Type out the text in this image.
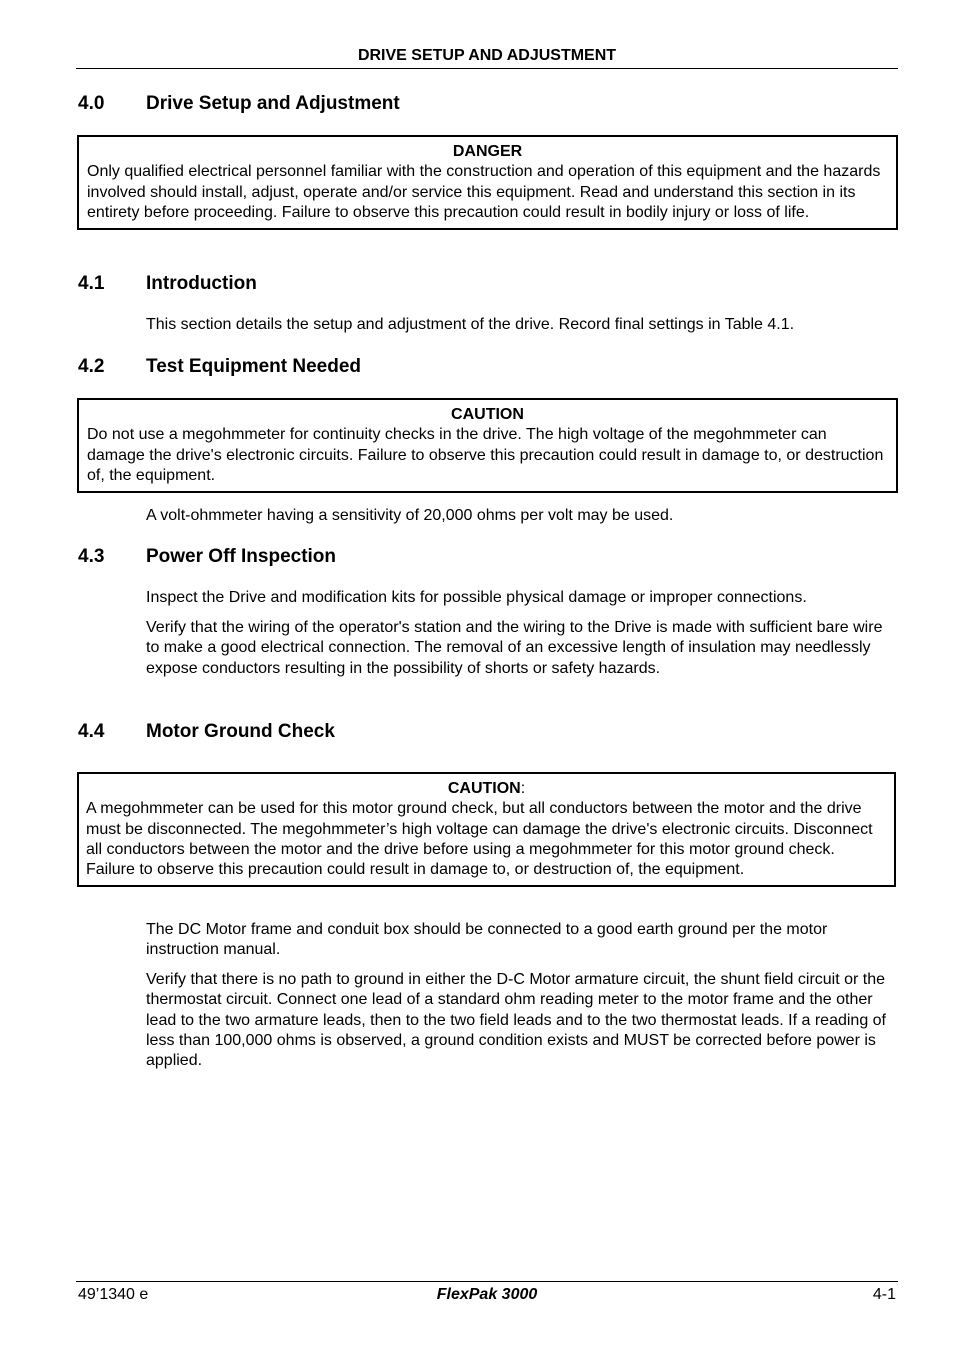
DRIVE SETUP AND ADJUSTMENT
4.0 Drive Setup and Adjustment
DANGER
Only qualified electrical personnel familiar with the construction and operation of this equipment and the hazards involved should install, adjust, operate and/or service this equipment. Read and understand this section in its entirety before proceeding. Failure to observe this precaution could result in bodily injury or loss of life.
4.1 Introduction
This section details the setup and adjustment of the drive. Record final settings in Table 4.1.
4.2 Test Equipment Needed
CAUTION
Do not use a megohmmeter for continuity checks in the drive. The high voltage of the megohmmeter can damage the drive's electronic circuits. Failure to observe this precaution could result in damage to, or destruction of, the equipment.
A volt-ohmmeter having a sensitivity of 20,000 ohms per volt may be used.
4.3 Power Off Inspection
Inspect the Drive and modification kits for possible physical damage or improper connections.
Verify that the wiring of the operator's station and the wiring to the Drive is made with sufficient bare wire to make a good electrical connection. The removal of an excessive length of insulation may needlessly expose conductors resulting in the possibility of shorts or safety hazards.
4.4 Motor Ground Check
CAUTION:
A megohmmeter can be used for this motor ground check, but all conductors between the motor and the drive must be disconnected. The megohmmeter’s high voltage can damage the drive's electronic circuits. Disconnect all conductors between the motor and the drive before using a megohmmeter for this motor ground check. Failure to observe this precaution could result in damage to, or destruction of, the equipment.
The DC Motor frame and conduit box should be connected to a good earth ground per the motor instruction manual.
Verify that there is no path to ground in either the D-C Motor armature circuit, the shunt field circuit or the thermostat circuit. Connect one lead of a standard ohm reading meter to the motor frame and the other lead to the two armature leads, then to the two field leads and to the two thermostat leads. If a reading of less than 100,000 ohms is observed, a ground condition exists and MUST be corrected before power is applied.
49’1340 e	FlexPak 3000	4-1
